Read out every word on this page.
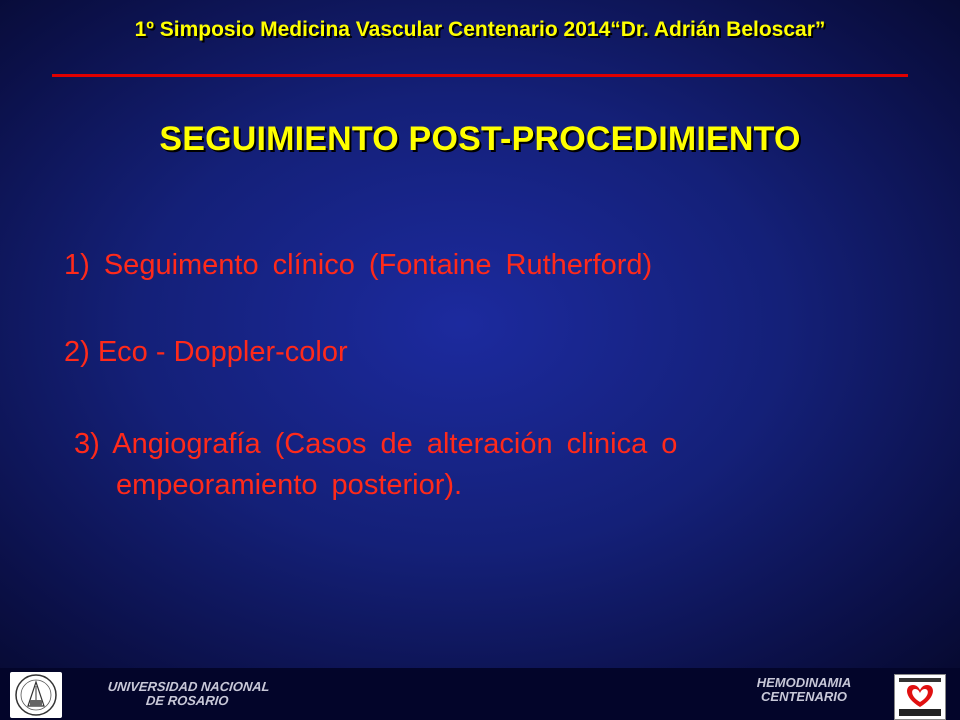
1º Simposio Medicina Vascular Centenario 2014“Dr. Adrián Beloscar”
SEGUIMIENTO POST-PROCEDIMIENTO
1) Seguimento clínico (Fontaine Rutherford)
2) Eco - Doppler-color
3) Angiografía (Casos de alteración clinica o
empeoramiento posterior).
UNIVERSIDAD NACIONAL
DE ROSARIO
HEMODINAMIA
CENTENARIO
